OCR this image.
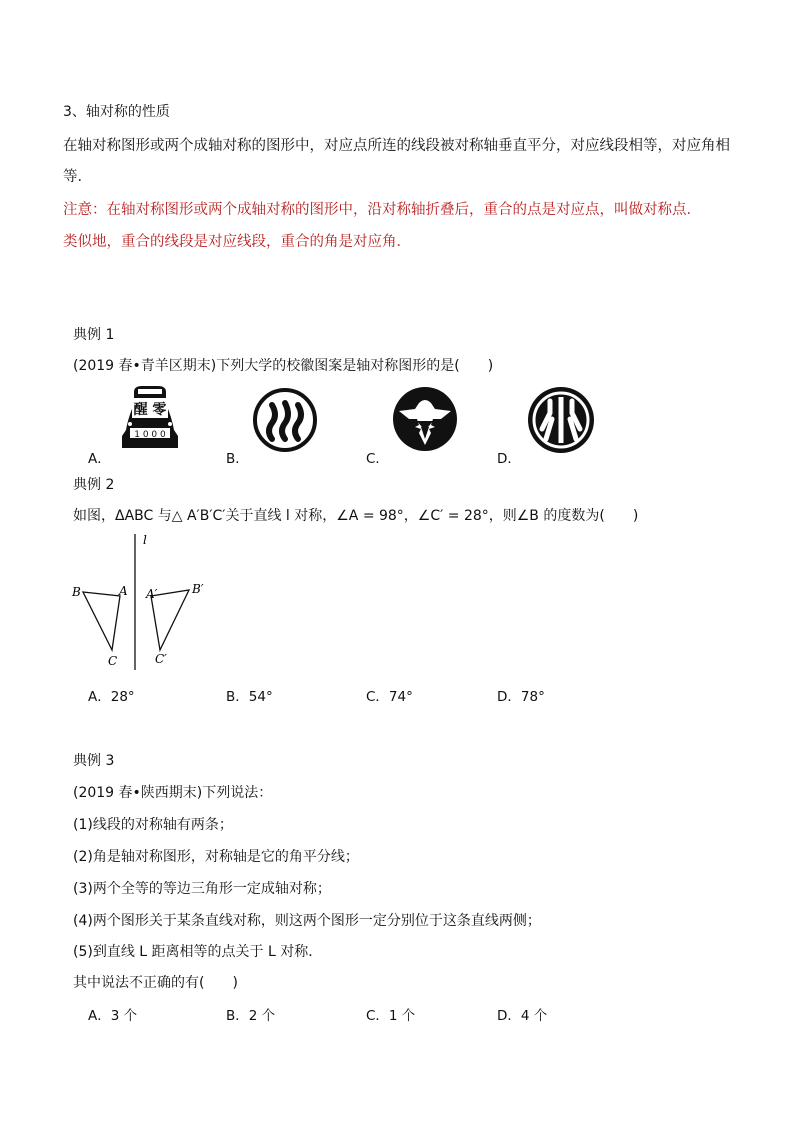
3、轴对称的性质
在轴对称图形或两个成轴对称的图形中，对应点所连的线段被对称轴垂直平分，对应线段相等，对应角相
等．
注意：在轴对称图形或两个成轴对称的图形中，沿对称轴折叠后，重合的点是对应点，叫做对称点．
类似地，重合的线段是对应线段，重合的角是对应角．
典例 1
(2019 春•青羊区期末)下列大学的校徽图案是轴对称图形的是(　　)
醒 零
1 0 0 0
A．	B．	C．	D．
典例 2
如图，ΔABC 与△ A′B′C′关于直线 l 对称，∠A = 98°，∠C′ = 28°，则∠B 的度数为(　　)
l
B	A
C
A′	B′
C′
A．28°	B．54°	C．74°	D．78°
典例 3
(2019 春•陕西期末)下列说法：
(1)线段的对称轴有两条；
(2)角是轴对称图形，对称轴是它的角平分线；
(3)两个全等的等边三角形一定成轴对称；
(4)两个图形关于某条直线对称，则这两个图形一定分别位于这条直线两侧；
(5)到直线 L 距离相等的点关于 L 对称．
其中说法不正确的有(　　)
A．3 个	B．2 个	C．1 个	D．4 个
